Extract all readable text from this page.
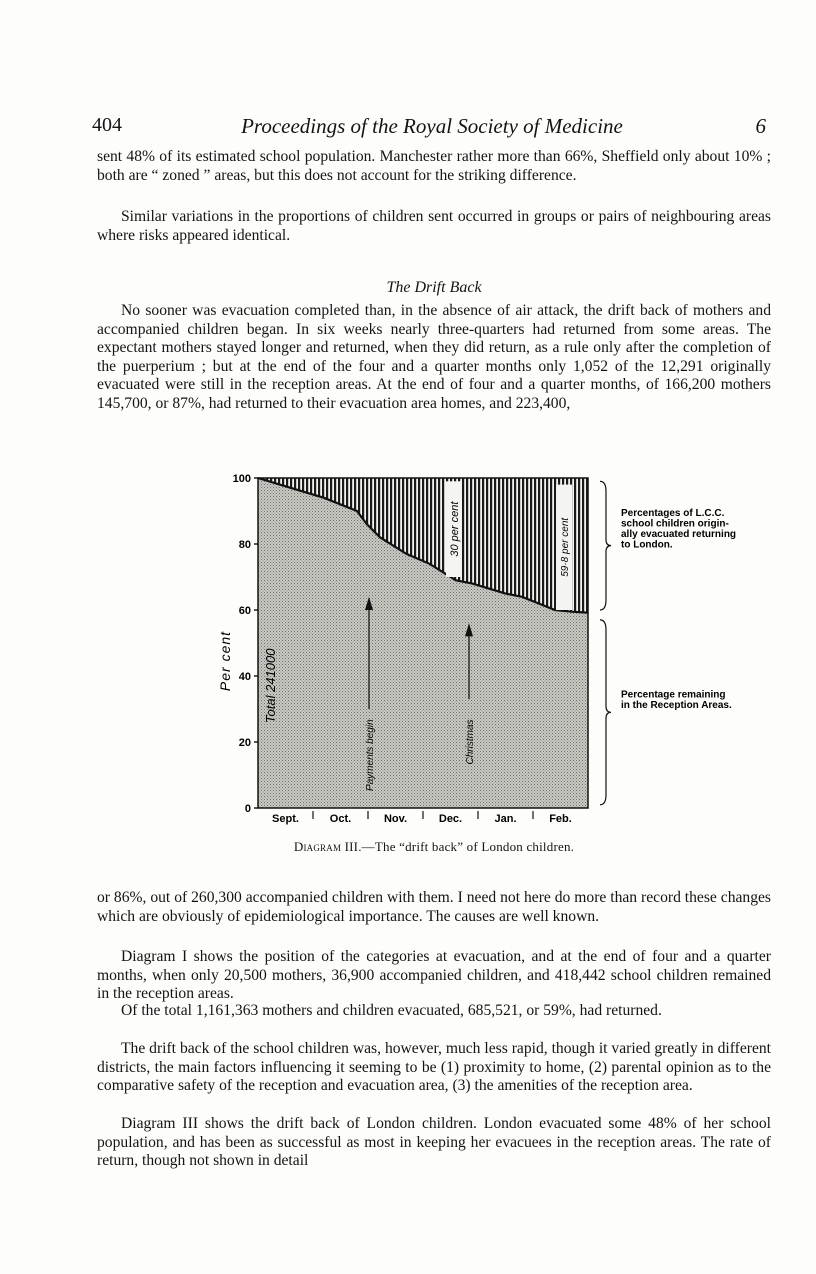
404	Proceedings of the Royal Society of Medicine	6

sent 48% of its estimated school population. Manchester rather more than 66%, Sheffield only about 10% ; both are “ zoned ” areas, but this does not account for the striking difference.

Similar variations in the proportions of children sent occurred in groups or pairs of neighbouring areas where risks appeared identical.

The Drift Back

No sooner was evacuation completed than, in the absence of air attack, the drift back of mothers and accompanied children began. In six weeks nearly three-quarters had returned from some areas. The expectant mothers stayed longer and returned, when they did return, as a rule only after the completion of the puerperium ; but at the end of the four and a quarter months only 1,052 of the 12,291 originally evacuated were still in the reception areas. At the end of four and a quarter months, of 166,200 mothers 145,700, or 87%, had returned to their evacuation area homes, and 223,400,

0
20
40
60
80
100
Per cent
Sept.	Oct.	Nov.	Dec.	Jan.	Feb.
Total 241000
Payments begin	Christmas
30 per cent	59·8 per cent
Percentages of L.C.C.
school children origin-
ally evacuated returning
to London.
Percentage remaining
in the Reception Areas.
Diagram III.—The “drift back” of London children.

or 86%, out of 260,300 accompanied children with them. I need not here do more than record these changes which are obviously of epidemiological importance. The causes are well known.

Diagram I shows the position of the categories at evacuation, and at the end of four and a quarter months, when only 20,500 mothers, 36,900 accompanied children, and 418,442 school children remained in the reception areas.

Of the total 1,161,363 mothers and children evacuated, 685,521, or 59%, had returned.

The drift back of the school children was, however, much less rapid, though it varied greatly in different districts, the main factors influencing it seeming to be (1) proximity to home, (2) parental opinion as to the comparative safety of the reception and evacuation area, (3) the amenities of the reception area.

Diagram III shows the drift back of London children. London evacuated some 48% of her school population, and has been as successful as most in keeping her evacuees in the reception areas. The rate of return, though not shown in detail
